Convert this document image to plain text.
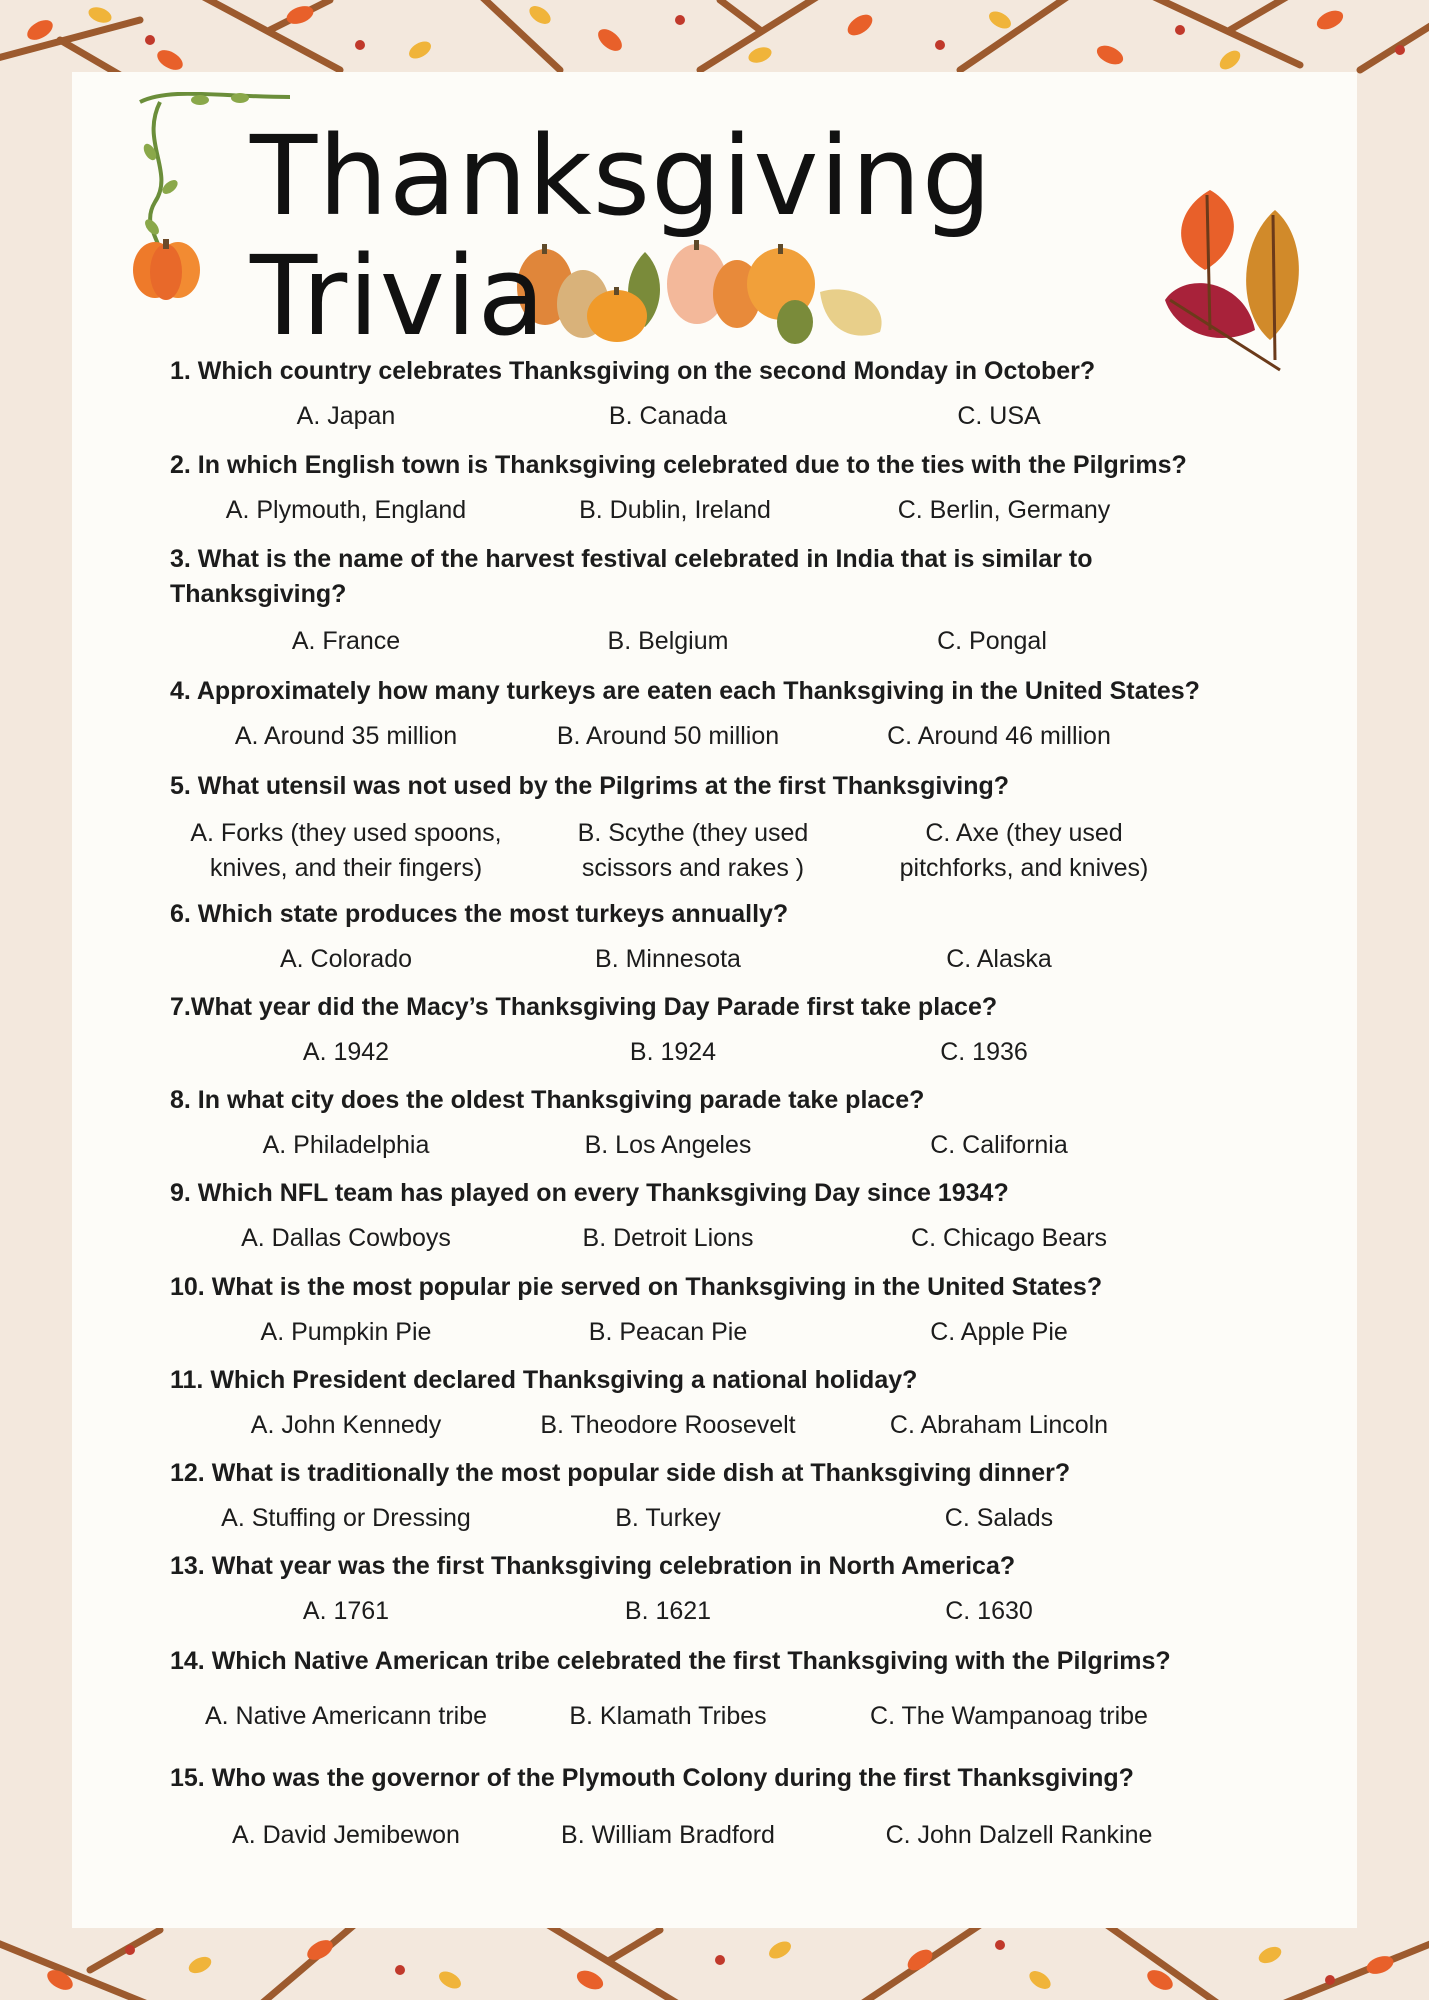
Thanksgiving Trivia
1. Which country celebrates Thanksgiving on the second Monday in October?
A. Japan	B. Canada	C. USA
2. In which English town is Thanksgiving celebrated due to the ties with the Pilgrims?
A. Plymouth, England	B. Dublin, Ireland	C. Berlin, Germany
3. What is the name of the harvest festival celebrated in India that is similar to Thanksgiving?
A. France	B. Belgium	C. Pongal
4. Approximately how many turkeys are eaten each Thanksgiving in the United States?
A. Around 35 million	B. Around 50 million	C. Around 46 million
5. What utensil was not used by the Pilgrims at the first Thanksgiving?
A. Forks (they used spoons, knives, and their fingers)
B. Scythe (they used scissors and rakes )
C. Axe (they used pitchforks, and knives)
6. Which state produces the most turkeys annually?
A. Colorado	B. Minnesota	C. Alaska
7.What year did the Macy’s Thanksgiving Day Parade first take place?
A. 1942	B. 1924	C. 1936
8. In what city does the oldest Thanksgiving parade take place?
A. Philadelphia	B. Los Angeles	C. California
9. Which NFL team has played on every Thanksgiving Day since 1934?
A. Dallas Cowboys	B. Detroit Lions	C. Chicago Bears
10. What is the most popular pie served on Thanksgiving in the United States?
A. Pumpkin Pie	B. Peacan Pie	C. Apple Pie
11. Which President declared Thanksgiving a national holiday?
A. John Kennedy	B. Theodore Roosevelt	C. Abraham Lincoln
12. What is traditionally the most popular side dish at Thanksgiving dinner?
A. Stuffing or Dressing	B. Turkey	C. Salads
13. What year was the first Thanksgiving celebration in North America?
A. 1761	B. 1621	C. 1630
14. Which Native American tribe celebrated the first Thanksgiving with the Pilgrims?
A. Native Americann tribe	B. Klamath Tribes	C. The Wampanoag tribe
15. Who was the governor of the Plymouth Colony during the first Thanksgiving?
A. David Jemibewon	B. William Bradford	C. John Dalzell Rankine
